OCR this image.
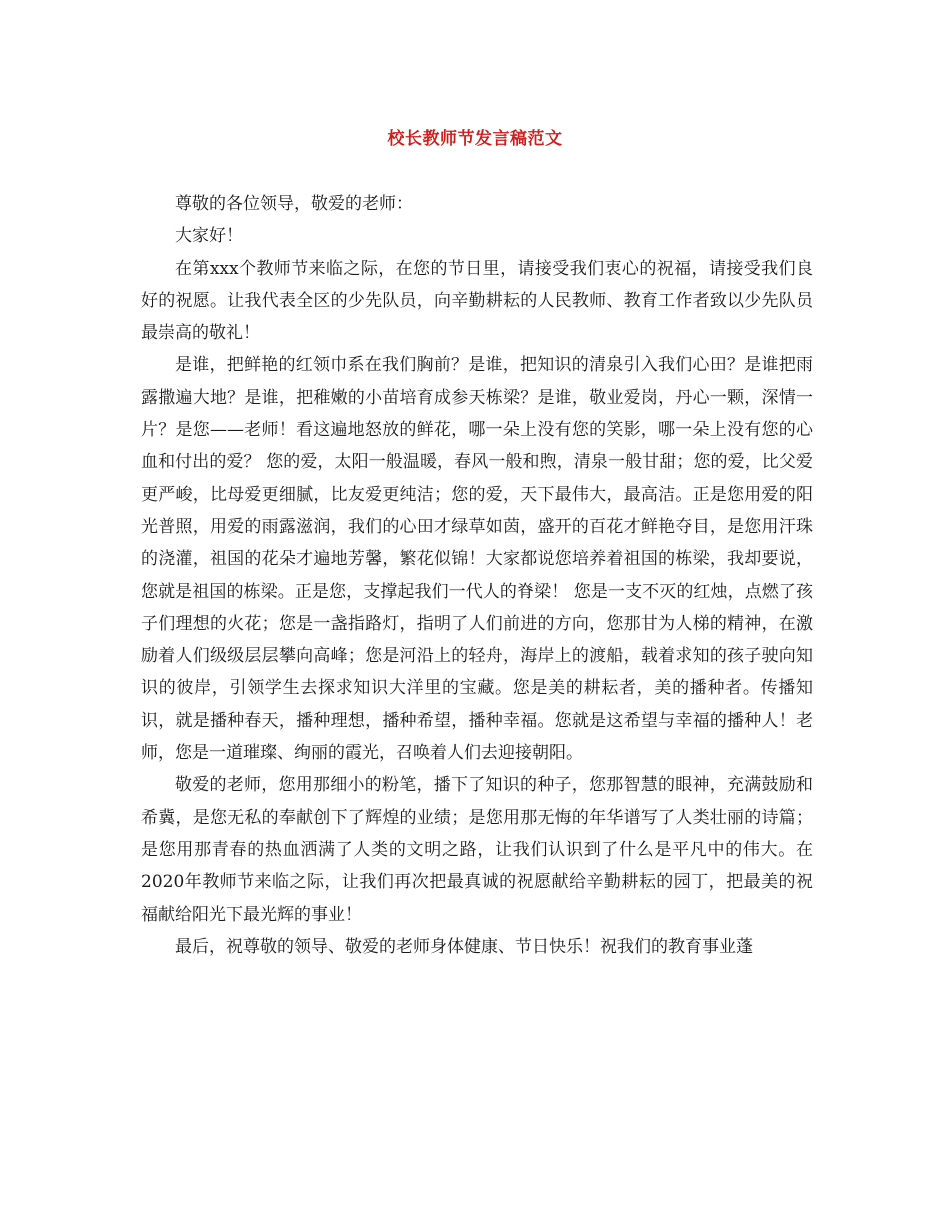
校长教师节发言稿范文

尊敬的各位领导，敬爱的老师：

大家好！

在第xxx个教师节来临之际，在您的节日里，请接受我们衷心的祝福，请接受我们良好的祝愿。让我代表全区的少先队员，向辛勤耕耘的人民教师、教育工作者致以少先队员最崇高的敬礼！

是谁，把鲜艳的红领巾系在我们胸前？是谁，把知识的清泉引入我们心田？是谁把雨露撒遍大地？是谁，把稚嫩的小苗培育成参天栋梁？是谁，敬业爱岗，丹心一颗，深情一片？是您——老师！看这遍地怒放的鲜花，哪一朵上没有您的笑影，哪一朵上没有您的心血和付出的爱？ 您的爱，太阳一般温暖，春风一般和煦，清泉一般甘甜；您的爱，比父爱更严峻，比母爱更细腻，比友爱更纯洁；您的爱，天下最伟大，最高洁。正是您用爱的阳光普照，用爱的雨露滋润，我们的心田才绿草如茵，盛开的百花才鲜艳夺目，是您用汗珠的浇灌，祖国的花朵才遍地芳馨，繁花似锦！大家都说您培养着祖国的栋梁，我却要说，您就是祖国的栋梁。正是您，支撑起我们一代人的脊梁！ 您是一支不灭的红烛，点燃了孩子们理想的火花；您是一盏指路灯，指明了人们前进的方向，您那甘为人梯的精神，在激励着人们级级层层攀向高峰；您是河沿上的轻舟，海岸上的渡船，载着求知的孩子驶向知识的彼岸，引领学生去探求知识大洋里的宝藏。您是美的耕耘者，美的播种者。传播知识，就是播种春天，播种理想，播种希望，播种幸福。您就是这希望与幸福的播种人！老师，您是一道璀璨、绚丽的霞光，召唤着人们去迎接朝阳。

敬爱的老师，您用那细小的粉笔，播下了知识的种子，您那智慧的眼神，充满鼓励和希冀，是您无私的奉献创下了辉煌的业绩；是您用那无悔的年华谱写了人类壮丽的诗篇；是您用那青春的热血洒满了人类的文明之路，让我们认识到了什么是平凡中的伟大。在2020年教师节来临之际，让我们再次把最真诚的祝愿献给辛勤耕耘的园丁，把最美的祝福献给阳光下最光辉的事业！

最后，祝尊敬的领导、敬爱的老师身体健康、节日快乐！祝我们的教育事业蓬
